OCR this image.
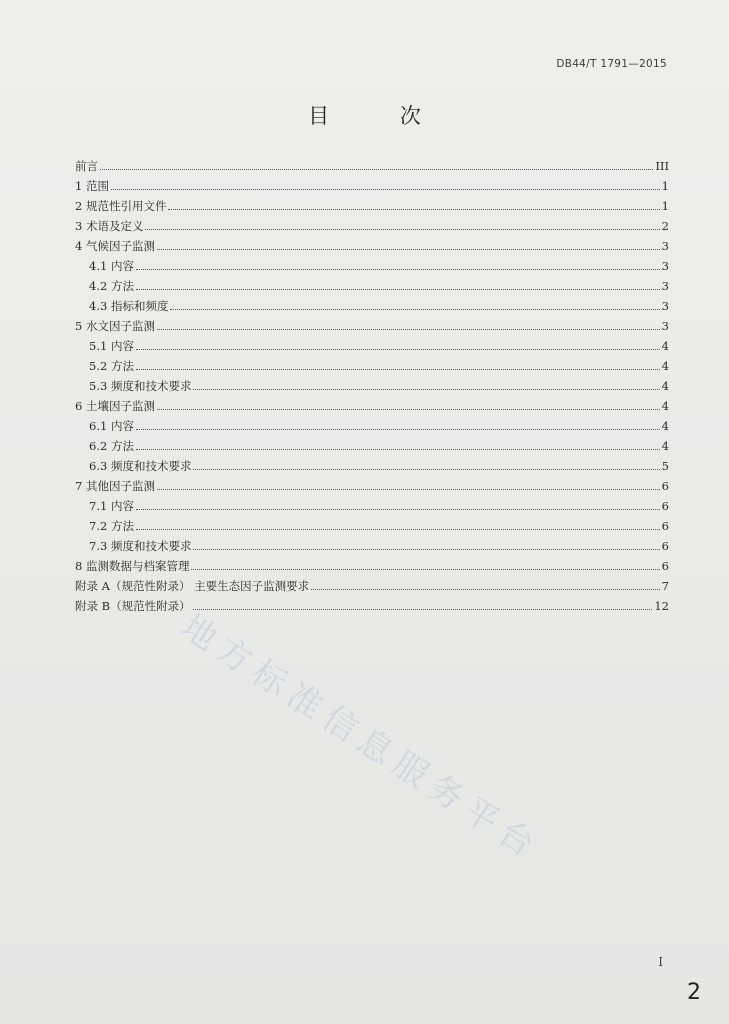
DB44/T 1791—2015
目 次
前言	III
1 范围	1
2 规范性引用文件	1
3 术语及定义	2
4 气候因子监测	3
4.1 内容	3
4.2 方法	3
4.3 指标和频度	3
5 水文因子监测	3
5.1 内容	4
5.2 方法	4
5.3 频度和技术要求	4
6 土壤因子监测	4
6.1 内容	4
6.2 方法	4
6.3 频度和技术要求	5
7 其他因子监测	6
7.1 内容	6
7.2 方法	6
7.3 频度和技术要求	6
8 监测数据与档案管理	6
附录 A（规范性附录） 主要生态因子监测要求	7
附录 B（规范性附录）	12
地方标准信息服务平台
I
2
